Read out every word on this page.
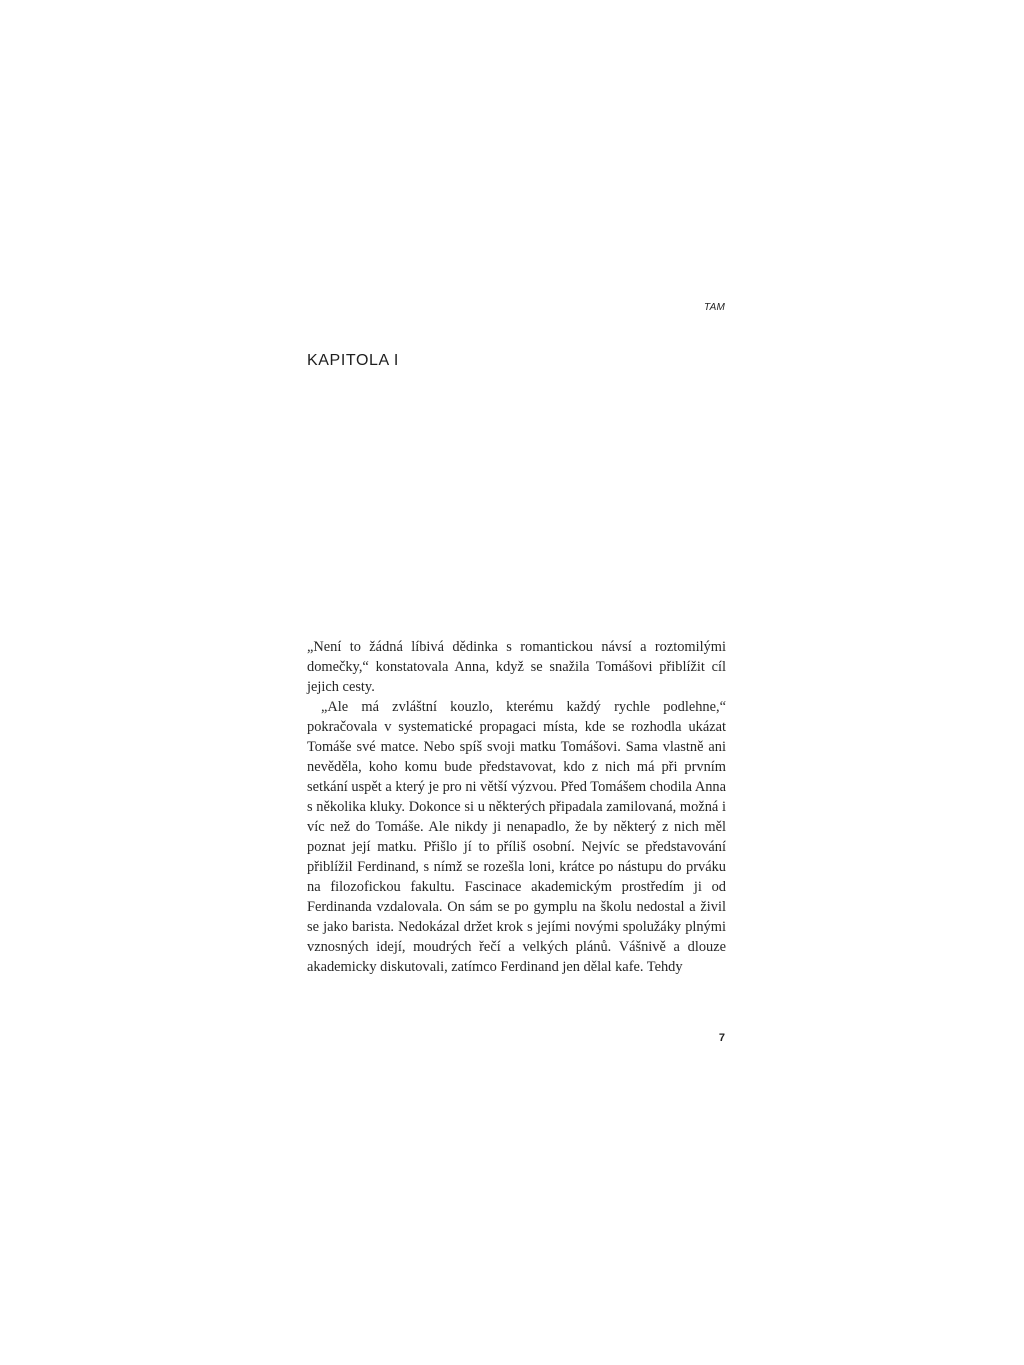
TAM

KAPITOLA I

„Není to žádná líbivá dědinka s romantickou návsí a roztomilými domečky,“ konstatovala Anna, když se snažila Tomášovi přiblížit cíl jejich cesty.

„Ale má zvláštní kouzlo, kterému každý rychle podlehne,“ pokračovala v systematické propagaci místa, kde se rozhodla ukázat Tomáše své matce. Nebo spíš svoji matku Tomášovi. Sama vlastně ani nevěděla, koho komu bude představovat, kdo z nich má při prvním setkání uspět a který je pro ni větší výzvou. Před Tomášem chodila Anna s několika kluky. Dokonce si u některých připadala zamilovaná, možná i víc než do Tomáše. Ale nikdy ji nenapadlo, že by některý z nich měl poznat její matku. Přišlo jí to příliš osobní. Nejvíc se představování přiblížil Ferdinand, s nímž se rozešla loni, krátce po nástupu do prváku na filozofickou fakultu. Fascinace akademickým prostředím ji od Ferdinanda vzdalovala. On sám se po gymplu na školu nedostal a živil se jako barista. Nedokázal držet krok s jejími novými spolužáky plnými vznosných idejí, moudrých řečí a velkých plánů. Vášnivě a dlouze akademicky diskutovali, zatímco Ferdinand jen dělal kafe. Tehdy

7
